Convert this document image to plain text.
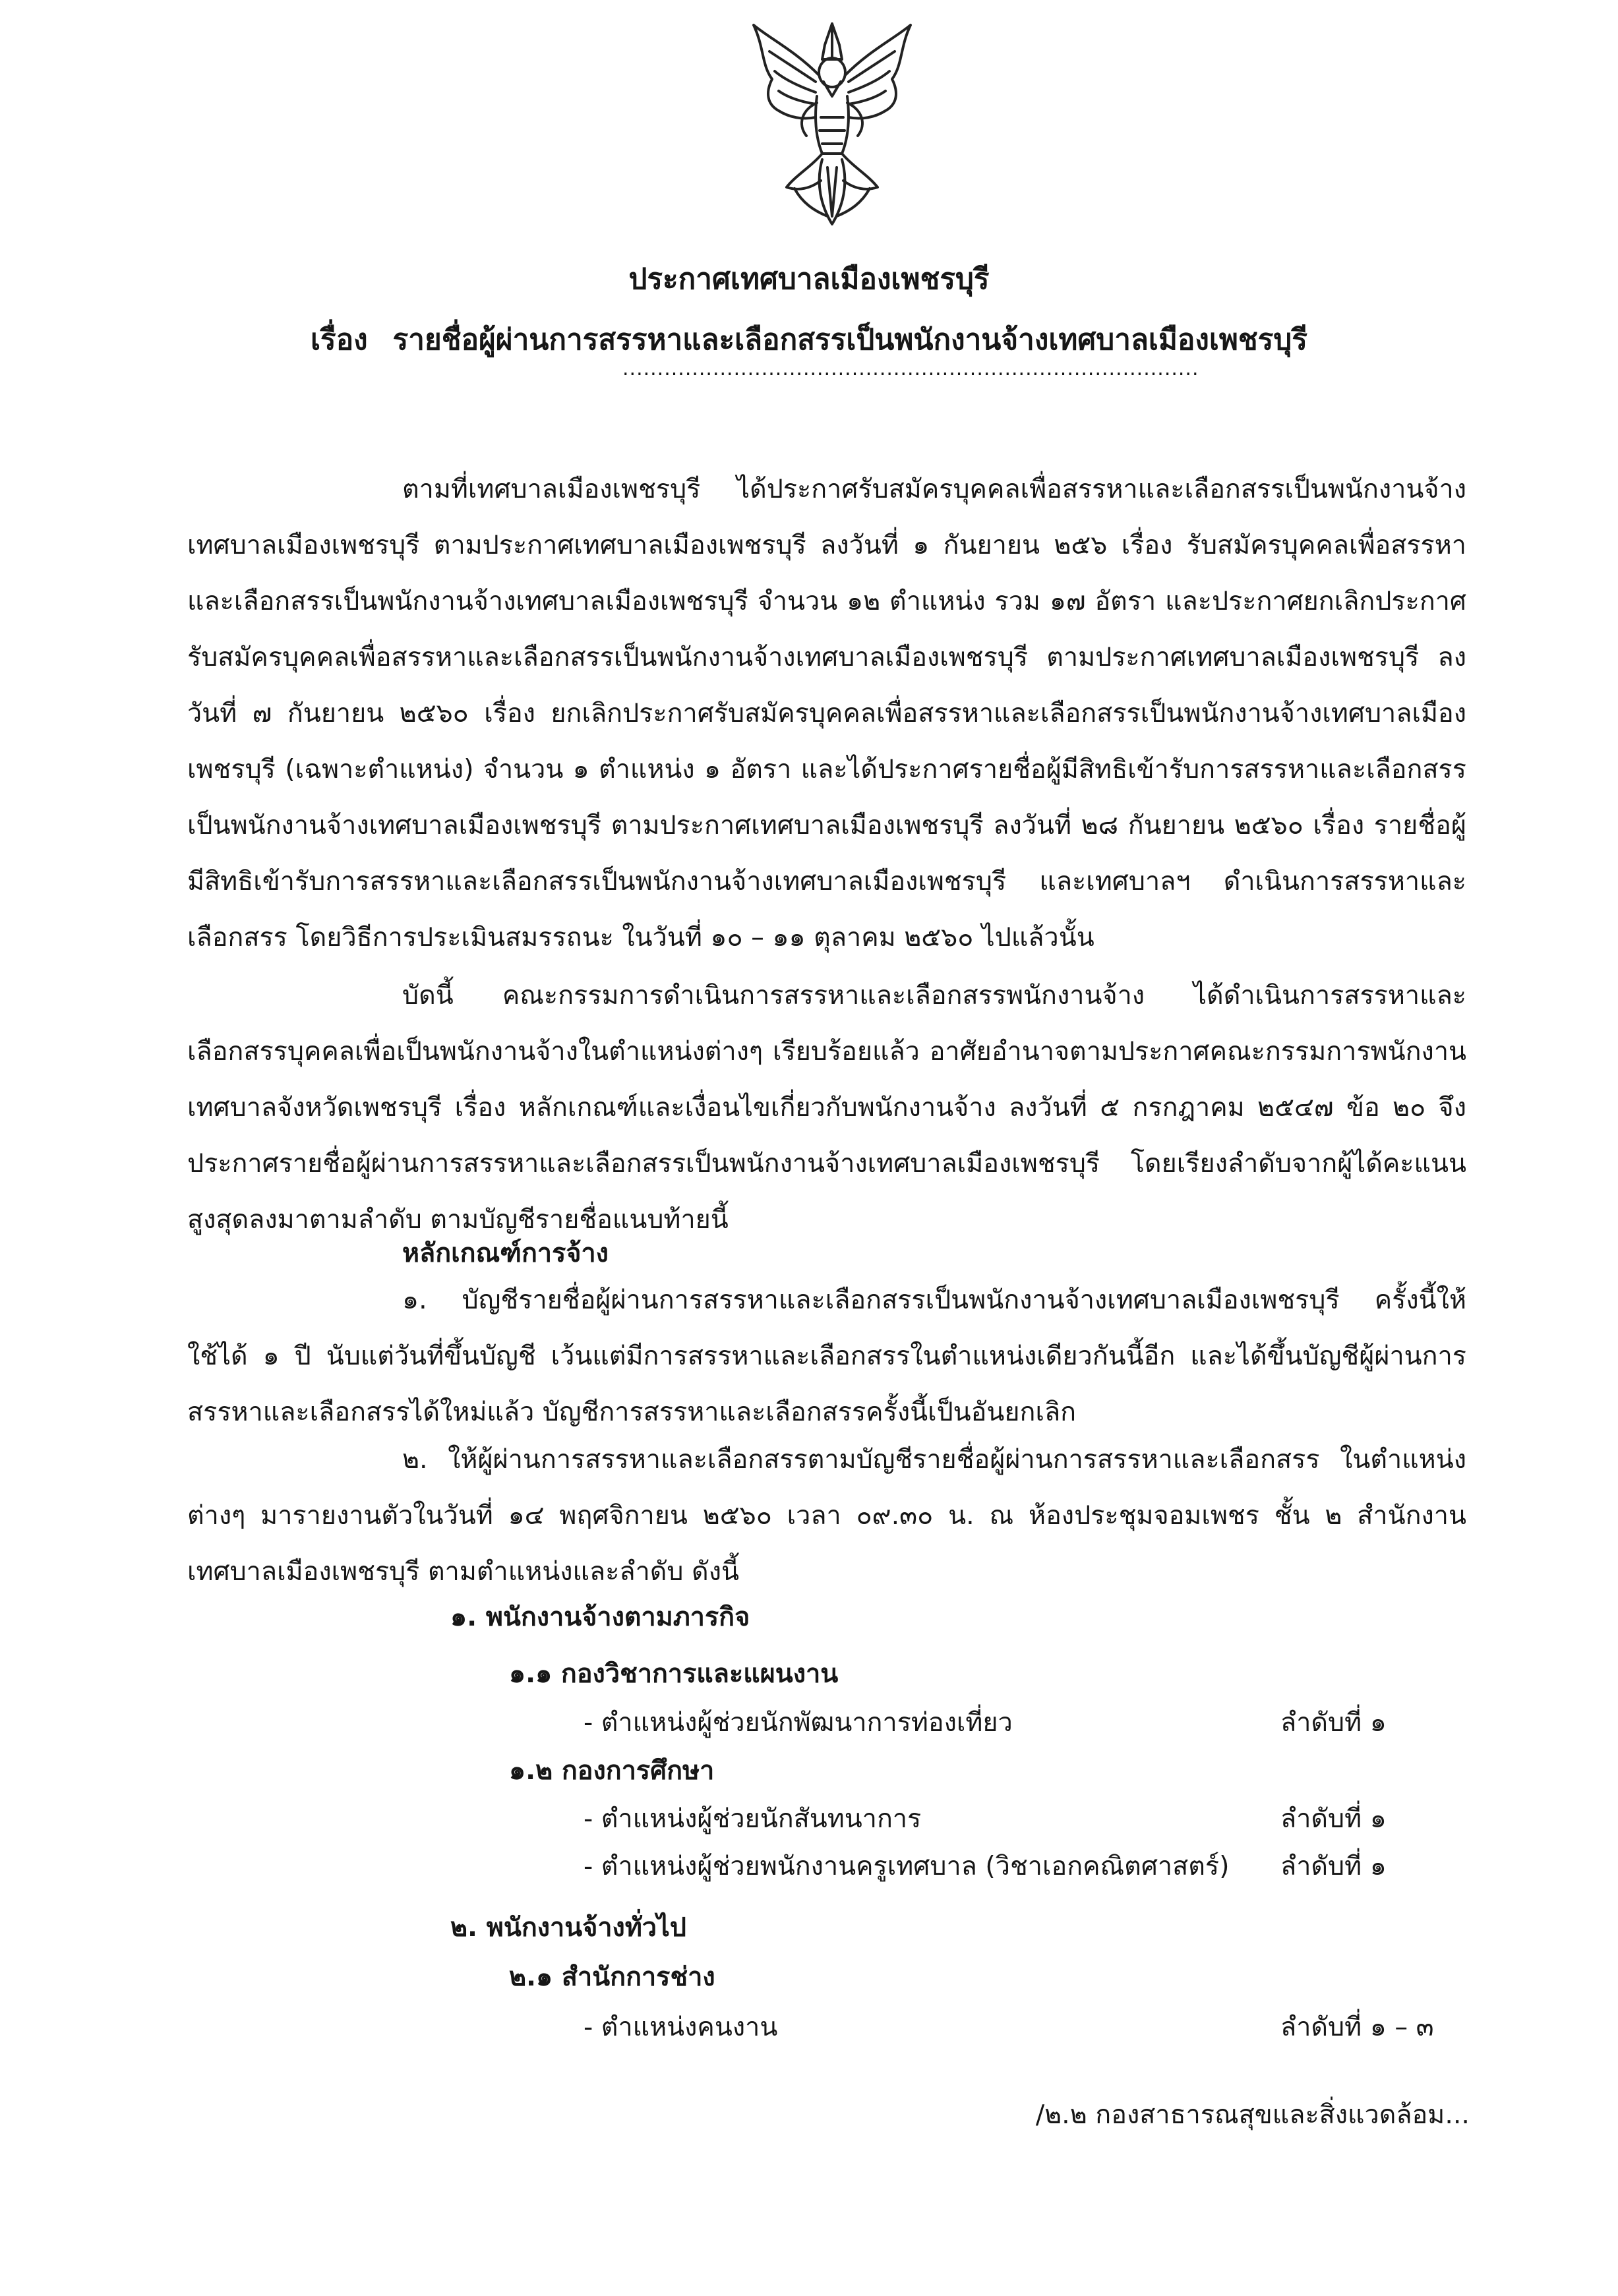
ประกาศเทศบาลเมืองเพชรบุรี
เรื่อง รายชื่อผู้ผ่านการสรรหาและเลือกสรรเป็นพนักงานจ้างเทศบาลเมืองเพชรบุรี
...................................................................................

ตามที่เทศบาลเมืองเพชรบุรี ได้ประกาศรับสมัครบุคคลเพื่อสรรหาและเลือกสรรเป็นพนักงานจ้างเทศบาลเมืองเพชรบุรี ตามประกาศเทศบาลเมืองเพชรบุรี ลงวันที่ ๑ กันยายน ๒๕๖ เรื่อง รับสมัครบุคคลเพื่อสรรหาและเลือกสรรเป็นพนักงานจ้างเทศบาลเมืองเพชรบุรี จำนวน ๑๒ ตำแหน่ง รวม ๑๗ อัตรา และประกาศยกเลิกประกาศรับสมัครบุคคลเพื่อสรรหาและเลือกสรรเป็นพนักงานจ้างเทศบาลเมืองเพชรบุรี ตามประกาศเทศบาลเมืองเพชรบุรี ลงวันที่ ๗ กันยายน ๒๕๖๐ เรื่อง ยกเลิกประกาศรับสมัครบุคคลเพื่อสรรหาและเลือกสรรเป็นพนักงานจ้างเทศบาลเมืองเพชรบุรี (เฉพาะตำแหน่ง) จำนวน ๑ ตำแหน่ง ๑ อัตรา และได้ประกาศรายชื่อผู้มีสิทธิเข้ารับการสรรหาและเลือกสรรเป็นพนักงานจ้างเทศบาลเมืองเพชรบุรี ตามประกาศเทศบาลเมืองเพชรบุรี ลงวันที่ ๒๘ กันยายน ๒๕๖๐ เรื่อง รายชื่อผู้มีสิทธิเข้ารับการสรรหาและเลือกสรรเป็นพนักงานจ้างเทศบาลเมืองเพชรบุรี และเทศบาลฯ ดำเนินการสรรหาและเลือกสรร โดยวิธีการประเมินสมรรถนะ ในวันที่ ๑๐ – ๑๑ ตุลาคม ๒๕๖๐ ไปแล้วนั้น

บัดนี้ คณะกรรมการดำเนินการสรรหาและเลือกสรรพนักงานจ้าง ได้ดำเนินการสรรหาและเลือกสรรบุคคลเพื่อเป็นพนักงานจ้างในตำแหน่งต่างๆ เรียบร้อยแล้ว อาศัยอำนาจตามประกาศคณะกรรมการพนักงานเทศบาลจังหวัดเพชรบุรี เรื่อง หลักเกณฑ์และเงื่อนไขเกี่ยวกับพนักงานจ้าง ลงวันที่ ๕ กรกฎาคม ๒๕๔๗ ข้อ ๒๐ จึงประกาศรายชื่อผู้ผ่านการสรรหาและเลือกสรรเป็นพนักงานจ้างเทศบาลเมืองเพชรบุรี โดยเรียงลำดับจากผู้ได้คะแนนสูงสุดลงมาตามลำดับ ตามบัญชีรายชื่อแนบท้ายนี้

หลักเกณฑ์การจ้าง

๑. บัญชีรายชื่อผู้ผ่านการสรรหาและเลือกสรรเป็นพนักงานจ้างเทศบาลเมืองเพชรบุรี ครั้งนี้ให้ใช้ได้ ๑ ปี นับแต่วันที่ขึ้นบัญชี เว้นแต่มีการสรรหาและเลือกสรรในตำแหน่งเดียวกันนี้อีก และได้ขึ้นบัญชีผู้ผ่านการสรรหาและเลือกสรรได้ใหม่แล้ว บัญชีการสรรหาและเลือกสรรครั้งนี้เป็นอันยกเลิก

๒. ให้ผู้ผ่านการสรรหาและเลือกสรรตามบัญชีรายชื่อผู้ผ่านการสรรหาและเลือกสรร ในตำแหน่งต่างๆ มารายงานตัวในวันที่ ๑๔ พฤศจิกายน ๒๕๖๐ เวลา ๐๙.๓๐ น. ณ ห้องประชุมจอมเพชร ชั้น ๒ สำนักงานเทศบาลเมืองเพชรบุรี ตามตำแหน่งและลำดับ ดังนี้

๑. พนักงานจ้างตามภารกิจ
๑.๑ กองวิชาการและแผนงาน
- ตำแหน่งผู้ช่วยนักพัฒนาการท่องเที่ยว	ลำดับที่ ๑
๑.๒ กองการศึกษา
- ตำแหน่งผู้ช่วยนักสันทนาการ	ลำดับที่ ๑
- ตำแหน่งผู้ช่วยพนักงานครูเทศบาล (วิชาเอกคณิตศาสตร์) ลำดับที่ ๑
๒. พนักงานจ้างทั่วไป
๒.๑ สำนักการช่าง
- ตำแหน่งคนงาน	ลำดับที่ ๑ – ๓
/๒.๒ กองสาธารณสุขและสิ่งแวดล้อม...
